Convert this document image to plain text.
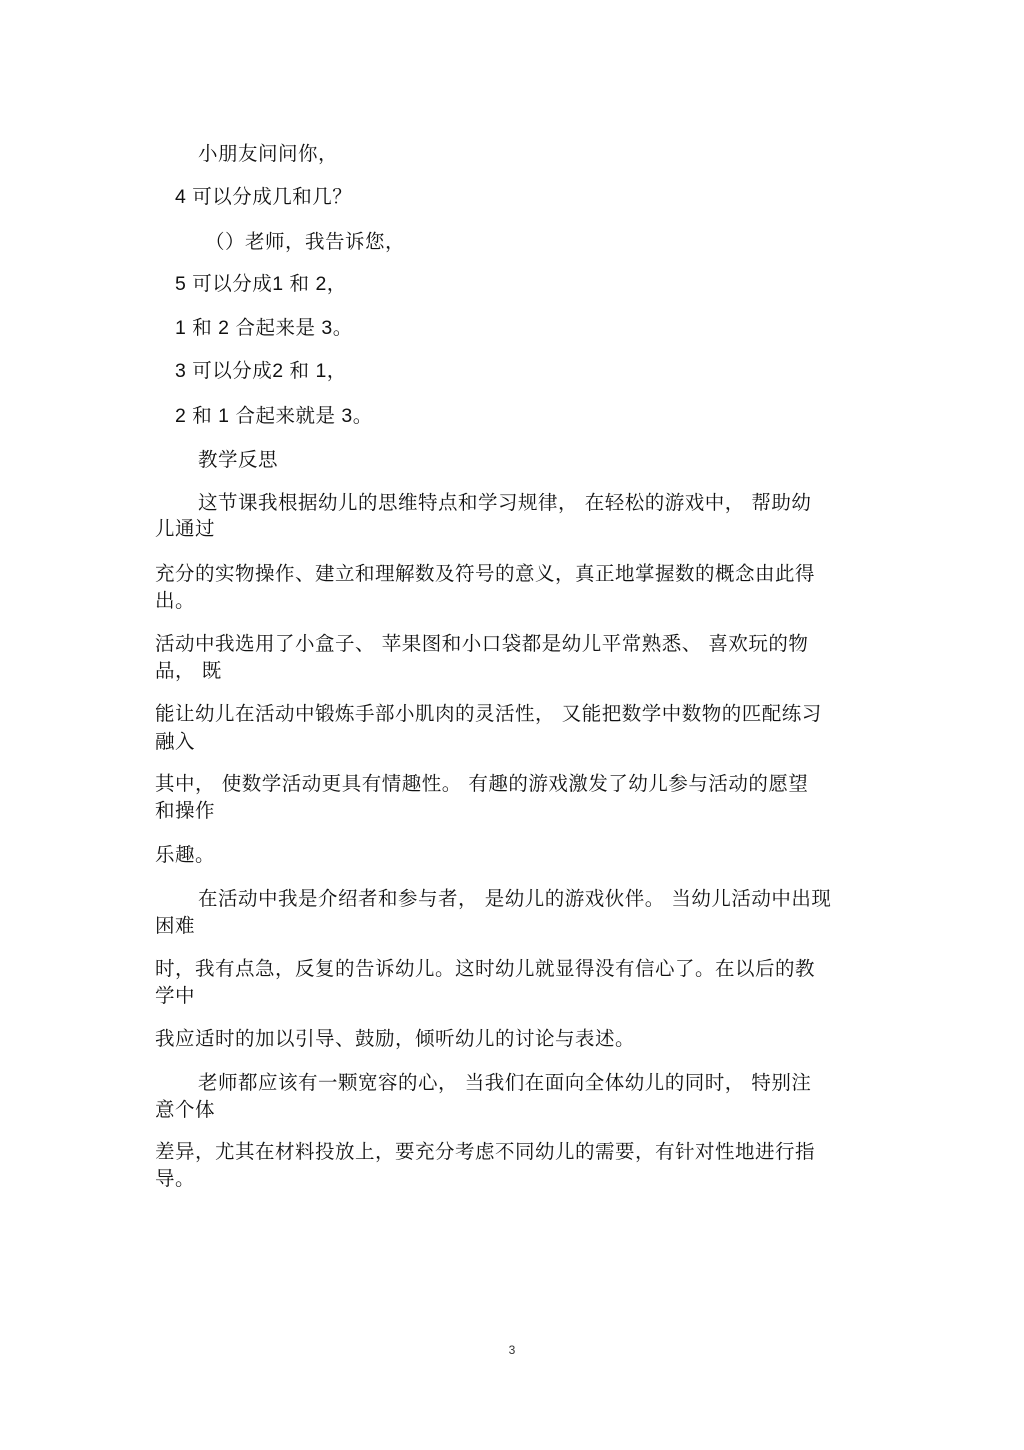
小朋友问问你，
4 可以分成几和几？
（）老师，我告诉您，
5 可以分成1 和 2，
1 和 2 合起来是 3。
3 可以分成2 和 1，
2 和 1 合起来就是 3。
教学反思
这节课我根据幼儿的思维特点和学习规律， 在轻松的游戏中， 帮助幼
儿通过
充分的实物操作、建立和理解数及符号的意义，真正地掌握数的概念由此得
出。
活动中我选用了小盒子、 苹果图和小口袋都是幼儿平常熟悉、 喜欢玩的物
品， 既
能让幼儿在活动中锻炼手部小肌肉的灵活性， 又能把数学中数物的匹配练习
融入
其中， 使数学活动更具有情趣性。 有趣的游戏激发了幼儿参与活动的愿望
和操作
乐趣。
在活动中我是介绍者和参与者， 是幼儿的游戏伙伴。 当幼儿活动中出现
困难
时，我有点急，反复的告诉幼儿。这时幼儿就显得没有信心了。在以后的教
学中
我应适时的加以引导、鼓励，倾听幼儿的讨论与表述。
老师都应该有一颗宽容的心， 当我们在面向全体幼儿的同时， 特别注
意个体
差异，尤其在材料投放上，要充分考虑不同幼儿的需要，有针对性地进行指
导。
3
